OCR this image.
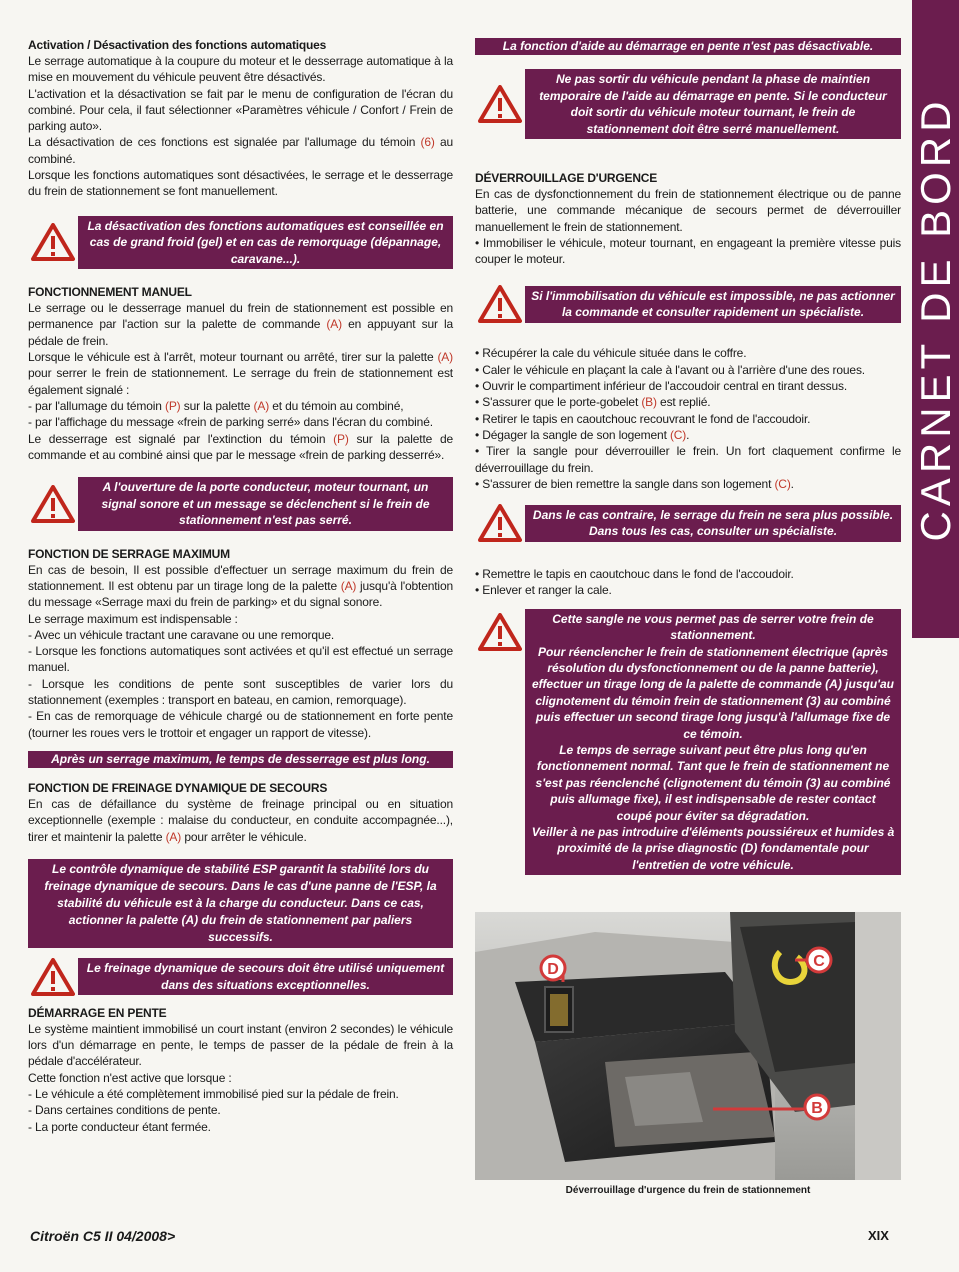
CARNET DE BORD
Activation / Désactivation des fonctions automatiques

Le serrage automatique à la coupure du moteur et le desserrage automatique à la mise en mouvement du véhicule peuvent être désactivés.

L'activation et la désactivation se fait par le menu de configuration de l'écran du combiné. Pour cela, il faut sélectionner «Paramètres véhicule / Confort / Frein de parking auto».

La désactivation de ces fonctions est signalée par l'allumage du témoin (6) au combiné.

Lorsque les fonctions automatiques sont désactivées, le serrage et le desserrage du frein de stationnement se font manuellement.

La désactivation des fonctions automatiques est conseillée en cas de grand froid (gel) et en cas de remorquage (dépannage, caravane...).
FONCTIONNEMENT MANUEL

Le serrage ou le desserrage manuel du frein de stationnement est possible en permanence par l'action sur la palette de commande (A) en appuyant sur la pédale de frein.

Lorsque le véhicule est à l'arrêt, moteur tournant ou arrêté, tirer sur la palette (A) pour serrer le frein de stationnement. Le serrage du frein de stationnement est également signalé :

- par l'allumage du témoin (P) sur la palette (A) et du témoin au combiné,

- par l'affichage du message «frein de parking serré» dans l'écran du combiné.

Le desserrage est signalé par l'extinction du témoin (P) sur la palette de commande et au combiné ainsi que par le message «frein de parking desserré».

A l'ouverture de la porte conducteur, moteur tournant, un signal sonore et un message se déclenchent si le frein de stationnement n'est pas serré.
FONCTION DE SERRAGE MAXIMUM

En cas de besoin, Il est possible d'effectuer un serrage maximum du frein de stationnement. Il est obtenu par un tirage long de la palette (A) jusqu'à l'obtention du message «Serrage maxi du frein de parking» et du signal sonore.

Le serrage maximum est indispensable :

- Avec un véhicule tractant une caravane ou une remorque.

- Lorsque les fonctions automatiques sont activées et qu'il est effectué un serrage manuel.

- Lorsque les conditions de pente sont susceptibles de varier lors du stationnement (exemples : transport en bateau, en camion, remorquage).

- En cas de remorquage de véhicule chargé ou de stationnement en forte pente (tourner les roues vers le trottoir et engager un rapport de vitesse).

Après un serrage maximum, le temps de desserrage est plus long.
FONCTION DE FREINAGE DYNAMIQUE DE SECOURS

En cas de défaillance du système de freinage principal ou en situation exceptionnelle (exemple : malaise du conducteur, en conduite accompagnée...), tirer et maintenir la palette (A) pour arrêter le véhicule.

Le contrôle dynamique de stabilité ESP garantit la stabilité lors du freinage dynamique de secours. Dans le cas d'une panne de l'ESP, la stabilité du véhicule est à la charge du conducteur. Dans ce cas, actionner la palette (A) du frein de stationnement par paliers successifs.
Le freinage dynamique de secours doit être utilisé uniquement dans des situations exceptionnelles.
DÉMARRAGE EN PENTE

Le système maintient immobilisé un court instant (environ 2 secondes) le véhicule lors d'un démarrage en pente, le temps de passer de la pédale de frein à la pédale d'accélérateur.

Cette fonction n'est active que lorsque :

- Le véhicule a été complètement immobilisé pied sur la pédale de frein.

- Dans certaines conditions de pente.

- La porte conducteur étant fermée.

La fonction d'aide au démarrage en pente n'est pas désactivable.
Ne pas sortir du véhicule pendant la phase de maintien temporaire de l'aide au démarrage en pente. Si le conducteur doit sortir du véhicule moteur tournant, le frein de stationnement doit être serré manuellement.
DÉVERROUILLAGE D'URGENCE

En cas de dysfonctionnement du frein de stationnement électrique ou de panne batterie, une commande mécanique de secours permet de déverrouiller manuellement le frein de stationnement.

• Immobiliser le véhicule, moteur tournant, en engageant la première vitesse puis couper le moteur.

Si l'immobilisation du véhicule est impossible, ne pas actionner la commande et consulter rapidement un spécialiste.

• Récupérer la cale du véhicule située dans le coffre.

• Caler le véhicule en plaçant la cale à l'avant ou à l'arrière d'une des roues.

• Ouvrir le compartiment inférieur de l'accoudoir central en tirant dessus.

• S'assurer que le porte-gobelet (B) est replié.

• Retirer le tapis en caoutchouc recouvrant le fond de l'accoudoir.

• Dégager la sangle de son logement (C).

• Tirer la sangle pour déverrouiller le frein. Un fort claquement confirme le déverrouillage du frein.

• S'assurer de bien remettre la sangle dans son logement (C).

Dans le cas contraire, le serrage du frein ne sera plus possible. Dans tous les cas, consulter un spécialiste.

• Remettre le tapis en caoutchouc dans le fond de l'accoudoir.

• Enlever et ranger la cale.

Cette sangle ne vous permet pas de serrer votre frein de stationnement.
Pour réenclencher le frein de stationnement électrique (après résolution du dysfonctionnement ou de la panne batterie), effectuer un tirage long de la palette de commande (A) jusqu'au clignotement du témoin frein de stationnement (3) au combiné puis effectuer un second tirage long jusqu'à l'allumage fixe de ce témoin.
Le temps de serrage suivant peut être plus long qu'en fonctionnement normal. Tant que le frein de stationnement ne s'est pas réenclenché (clignotement du témoin (3) au combiné puis allumage fixe), il est indispensable de rester contact coupé pour éviter sa dégradation.
Veiller à ne pas introduire d'éléments poussiéreux et humides à proximité de la prise diagnostic (D) fondamentale pour l'entretien de votre véhicule.
D	C
B
Déverrouillage d'urgence du frein de stationnement
Citroën C5 II 04/2008>	XIX
